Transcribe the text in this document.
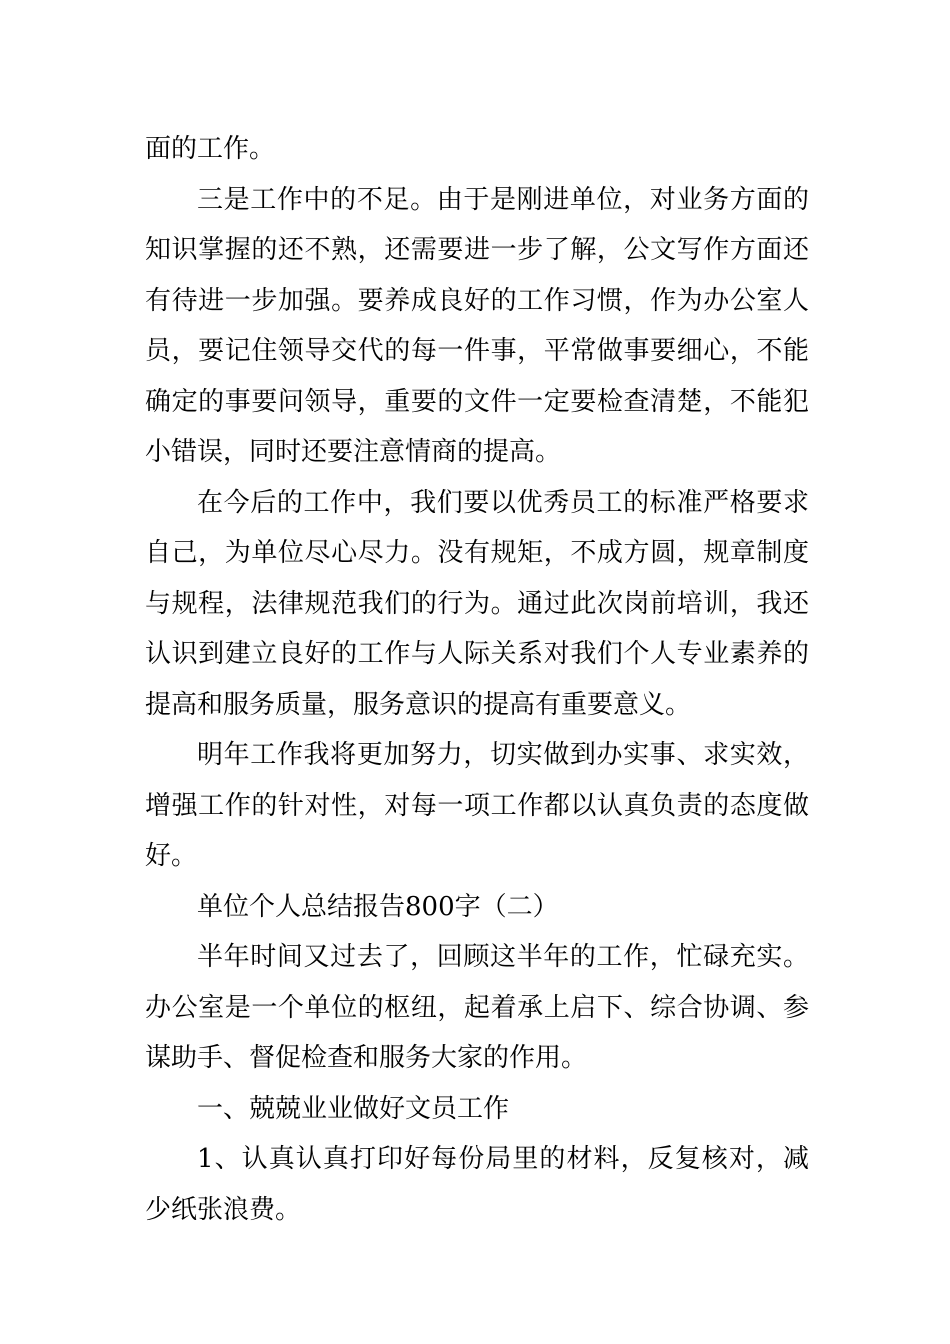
面的工作。

三是工作中的不足。由于是刚进单位，对业务方面的知识掌握的还不熟，还需要进一步了解，公文写作方面还有待进一步加强。要养成良好的工作习惯，作为办公室人员，要记住领导交代的每一件事，平常做事要细心，不能确定的事要问领导，重要的文件一定要检查清楚，不能犯小错误，同时还要注意情商的提高。

在今后的工作中，我们要以优秀员工的标准严格要求自己，为单位尽心尽力。没有规矩，不成方圆，规章制度与规程，法律规范我们的行为。通过此次岗前培训，我还认识到建立良好的工作与人际关系对我们个人专业素养的提高和服务质量，服务意识的提高有重要意义。

明年工作我将更加努力，切实做到办实事、求实效，增强工作的针对性，对每一项工作都以认真负责的态度做好。

单位个人总结报告800字（二）

半年时间又过去了，回顾这半年的工作，忙碌充实。办公室是一个单位的枢纽，起着承上启下、综合协调、参谋助手、督促检查和服务大家的作用。

一、兢兢业业做好文员工作

1、认真认真打印好每份局里的材料，反复核对，减少纸张浪费。
